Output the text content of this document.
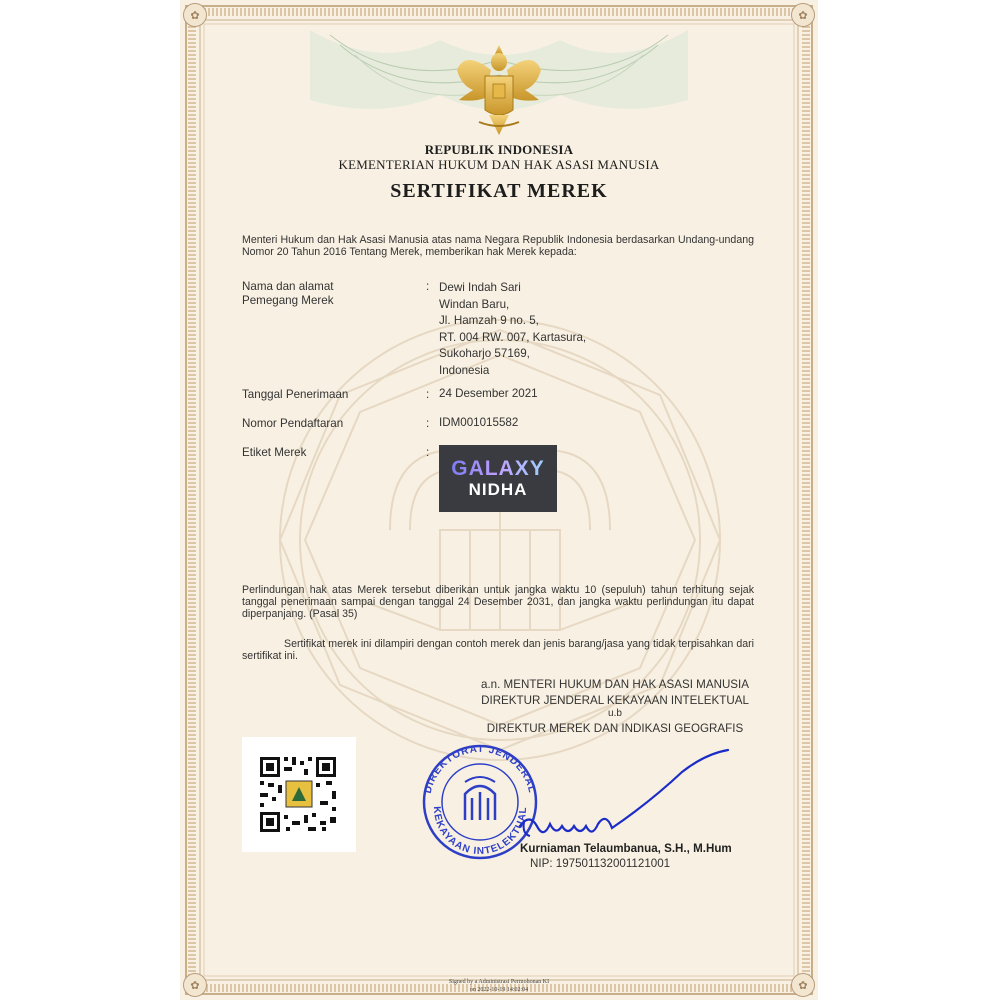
✿	✿
✿	✿
REPUBLIK INDONESIA
KEMENTERIAN HUKUM DAN HAK ASASI MANUSIA
SERTIFIKAT MEREK
Menteri Hukum dan Hak Asasi Manusia atas nama Negara Republik Indonesia berdasarkan Undang-undang Nomor 20 Tahun 2016 Tentang Merek, memberikan hak Merek kepada:
Nama dan alamat
Pemegang Merek
: Dewi Indah Sari
Windan Baru,
Jl. Hamzah 9 no. 5,
RT. 004 RW. 007, Kartasura,
Sukoharjo 57169,
Indonesia
Tanggal Penerimaan	: 24 Desember 2021
Nomor Pendaftaran	: IDM001015582
Etiket Merek	:
GALAXY
NIDHA
Perlindungan hak atas Merek tersebut diberikan untuk jangka waktu 10 (sepuluh) tahun terhitung sejak tanggal penerimaan sampai dengan tanggal 24 Desember 2031, dan jangka waktu perlindungan itu dapat diperpanjang. (Pasal 35)
Sertifikat merek ini dilampiri dengan contoh merek dan jenis barang/jasa yang tidak terpisahkan dari sertifikat ini.
a.n. MENTERI HUKUM DAN HAK ASASI MANUSIA
DIREKTUR JENDERAL KEKAYAAN INTELEKTUAL
u.b
DIREKTUR MEREK DAN INDIKASI GEOGRAFIS
DIREKTORAT JENDERAL
KEKAYAAN INTELEKTUAL
Kurniaman Telaumbanua, S.H., M.Hum
NIP: 197501132001121001
Signed by a Administrasi Permohonan KI
on 2022-10-19 14:02:04
